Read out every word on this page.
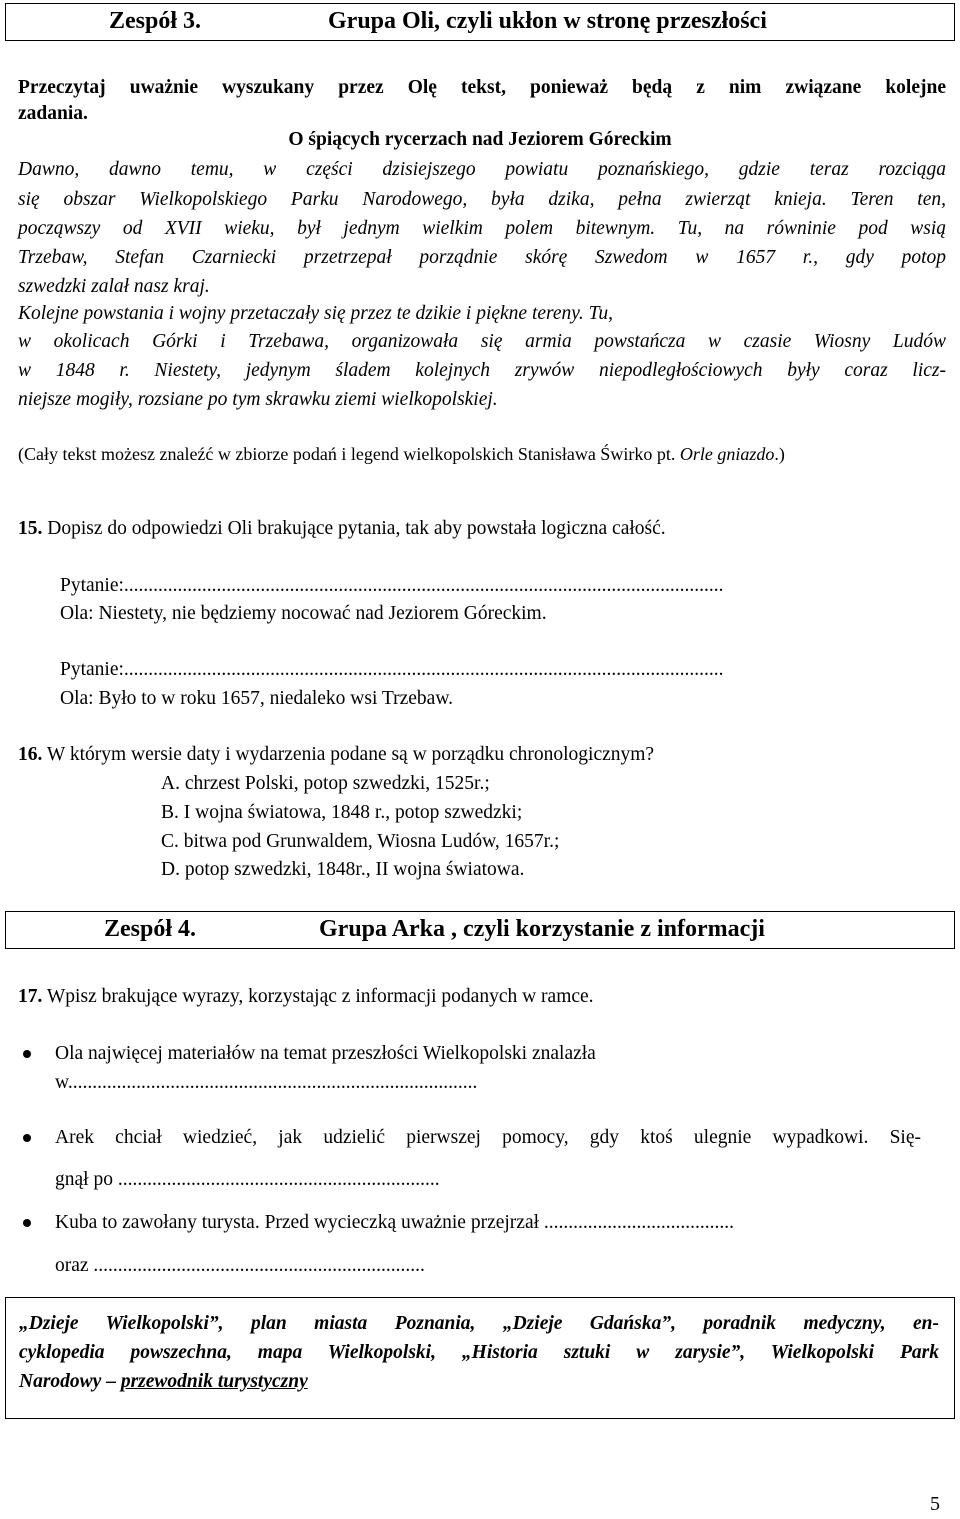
Zespół 3.	Grupa Oli, czyli ukłon w stronę przeszłości
Przeczytaj uważnie wyszukany przez Olę tekst, ponieważ będą z nim związane kolejne
zadania.
O śpiących rycerzach nad Jeziorem Góreckim
Dawno, dawno temu, w części dzisiejszego powiatu poznańskiego, gdzie teraz rozciąga
się obszar Wielkopolskiego Parku Narodowego, była dzika, pełna zwierząt knieja. Teren ten,
począwszy od XVII wieku, był jednym wielkim polem bitewnym. Tu, na równinie pod wsią
Trzebaw, Stefan Czarniecki przetrzepał porządnie skórę Szwedom w 1657 r., gdy potop
szwedzki zalał nasz kraj.
Kolejne powstania i wojny przetaczały się przez te dzikie i piękne tereny. Tu,
w okolicach Górki i Trzebawa, organizowała się armia powstańcza w czasie Wiosny Ludów
w 1848 r. Niestety, jedynym śladem kolejnych zrywów niepodległościowych były coraz licz-
niejsze mogiły, rozsiane po tym skrawku ziemi wielkopolskiej.
(Cały tekst możesz znaleźć w zbiorze podań i legend wielkopolskich Stanisława Świrko pt. Orle gniazdo.)
15. Dopisz do odpowiedzi Oli brakujące pytania, tak aby powstała logiczna całość.
Pytanie:...........................................................................................................................
Ola: Niestety, nie będziemy nocować nad Jeziorem Góreckim.
Pytanie:...........................................................................................................................
Ola: Było to w roku 1657, niedaleko wsi Trzebaw.
16. W którym wersie daty i wydarzenia podane są w porządku chronologicznym?
A. chrzest Polski, potop szwedzki, 1525r.;
B. I wojna światowa, 1848 r., potop szwedzki;
C. bitwa pod Grunwaldem, Wiosna Ludów, 1657r.;
D. potop szwedzki, 1848r., II wojna światowa.
Zespół 4.	Grupa Arka , czyli korzystanie z informacji
17. Wpisz brakujące wyrazy, korzystając z informacji podanych w ramce.
Ola najwięcej materiałów na temat przeszłości Wielkopolski znalazła
w....................................................................................
Arek chciał wiedzieć, jak udzielić pierwszej pomocy, gdy ktoś ulegnie wypadkowi. Się-
gnął po ..................................................................
Kuba to zawołany turysta. Przed wycieczką uważnie przejrzał .......................................
oraz ....................................................................
„Dzieje Wielkopolski”, plan miasta Poznania, „Dzieje Gdańska”, poradnik medyczny, en-
cyklopedia powszechna, mapa Wielkopolski, „Historia sztuki w zarysie”, Wielkopolski Park
Narodowy – przewodnik turystyczny
5
